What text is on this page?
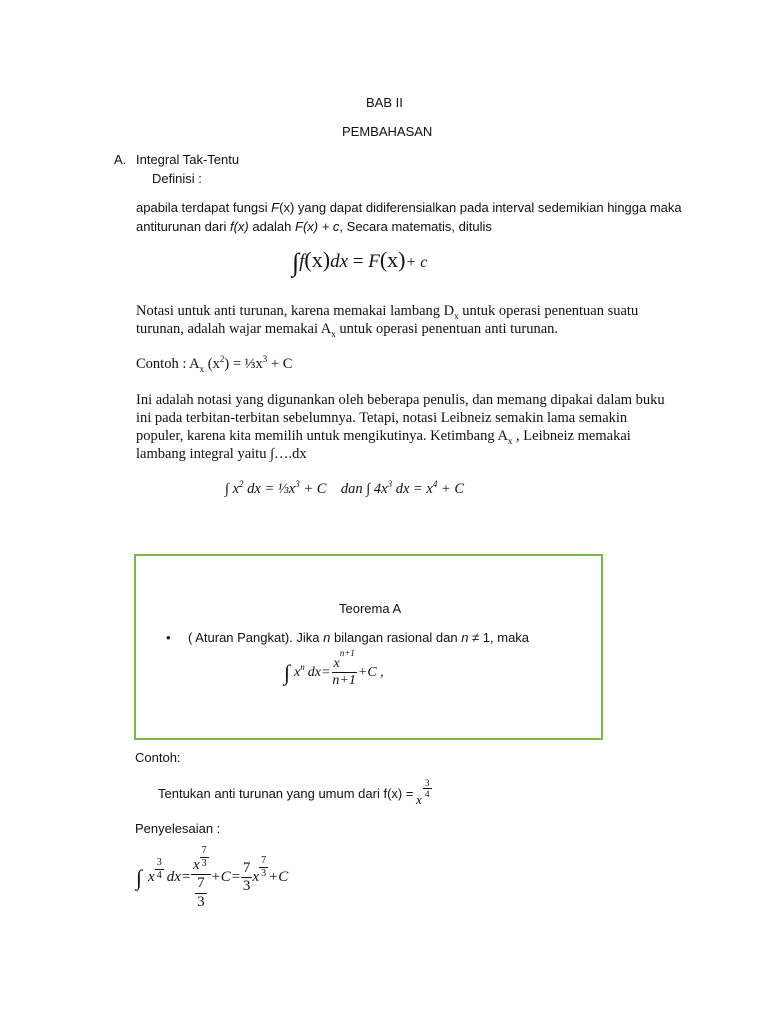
BAB II
PEMBAHASAN
A. Integral Tak-Tentu
Definisi :
apabila terdapat fungsi F(x) yang dapat didiferensialkan pada interval sedemikian hingga maka
antiturunan dari f(x) adalah F(x) + c, Secara matematis, ditulis
∫f(x)dx = F(x)+ c
Notasi untuk anti turunan, karena memakai lambang $D_x$ untuk operasi penentuan suatu turunan, adalah wajar memakai $A_x$ untuk operasi penentuan anti turunan.
Contoh : $A_x$ $(x^2)$ = $\frac{1}{3}x^3 + C$
Ini adalah notasi yang digunankan oleh beberapa penulis, dan memang dipakai dalam buku ini pada terbitan-terbitan sebelumnya. Tetapi, notasi Leibneiz semakin lama semakin populer, karena kita memilih untuk mengikutinya. Ketimbang $A_x$ , Leibneiz memakai lambang integral yaitu ∫….dx
∫ $x^2$ dx = $\frac{1}{3}x^3 + C$    dan ∫ $4x^3$ dx = $x^4 + C$
Teorema A
• ( Aturan Pangkat). Jika n bilangan rasional dan n ≠ 1, maka
∫ $x^n$ $dx= \frac{x^{n+1}}{n+1} +C$ ,
Contoh:
Tentukan anti turunan yang umum dari f(x) = x $\frac{3}{4}$
Penyelesaian :
∫ x $\frac{3}{4} dx= \frac{x \frac{7}{3}}{\frac{7}{3}} +C= \frac{7}{3}$ x $\frac{7}{3} +C$
